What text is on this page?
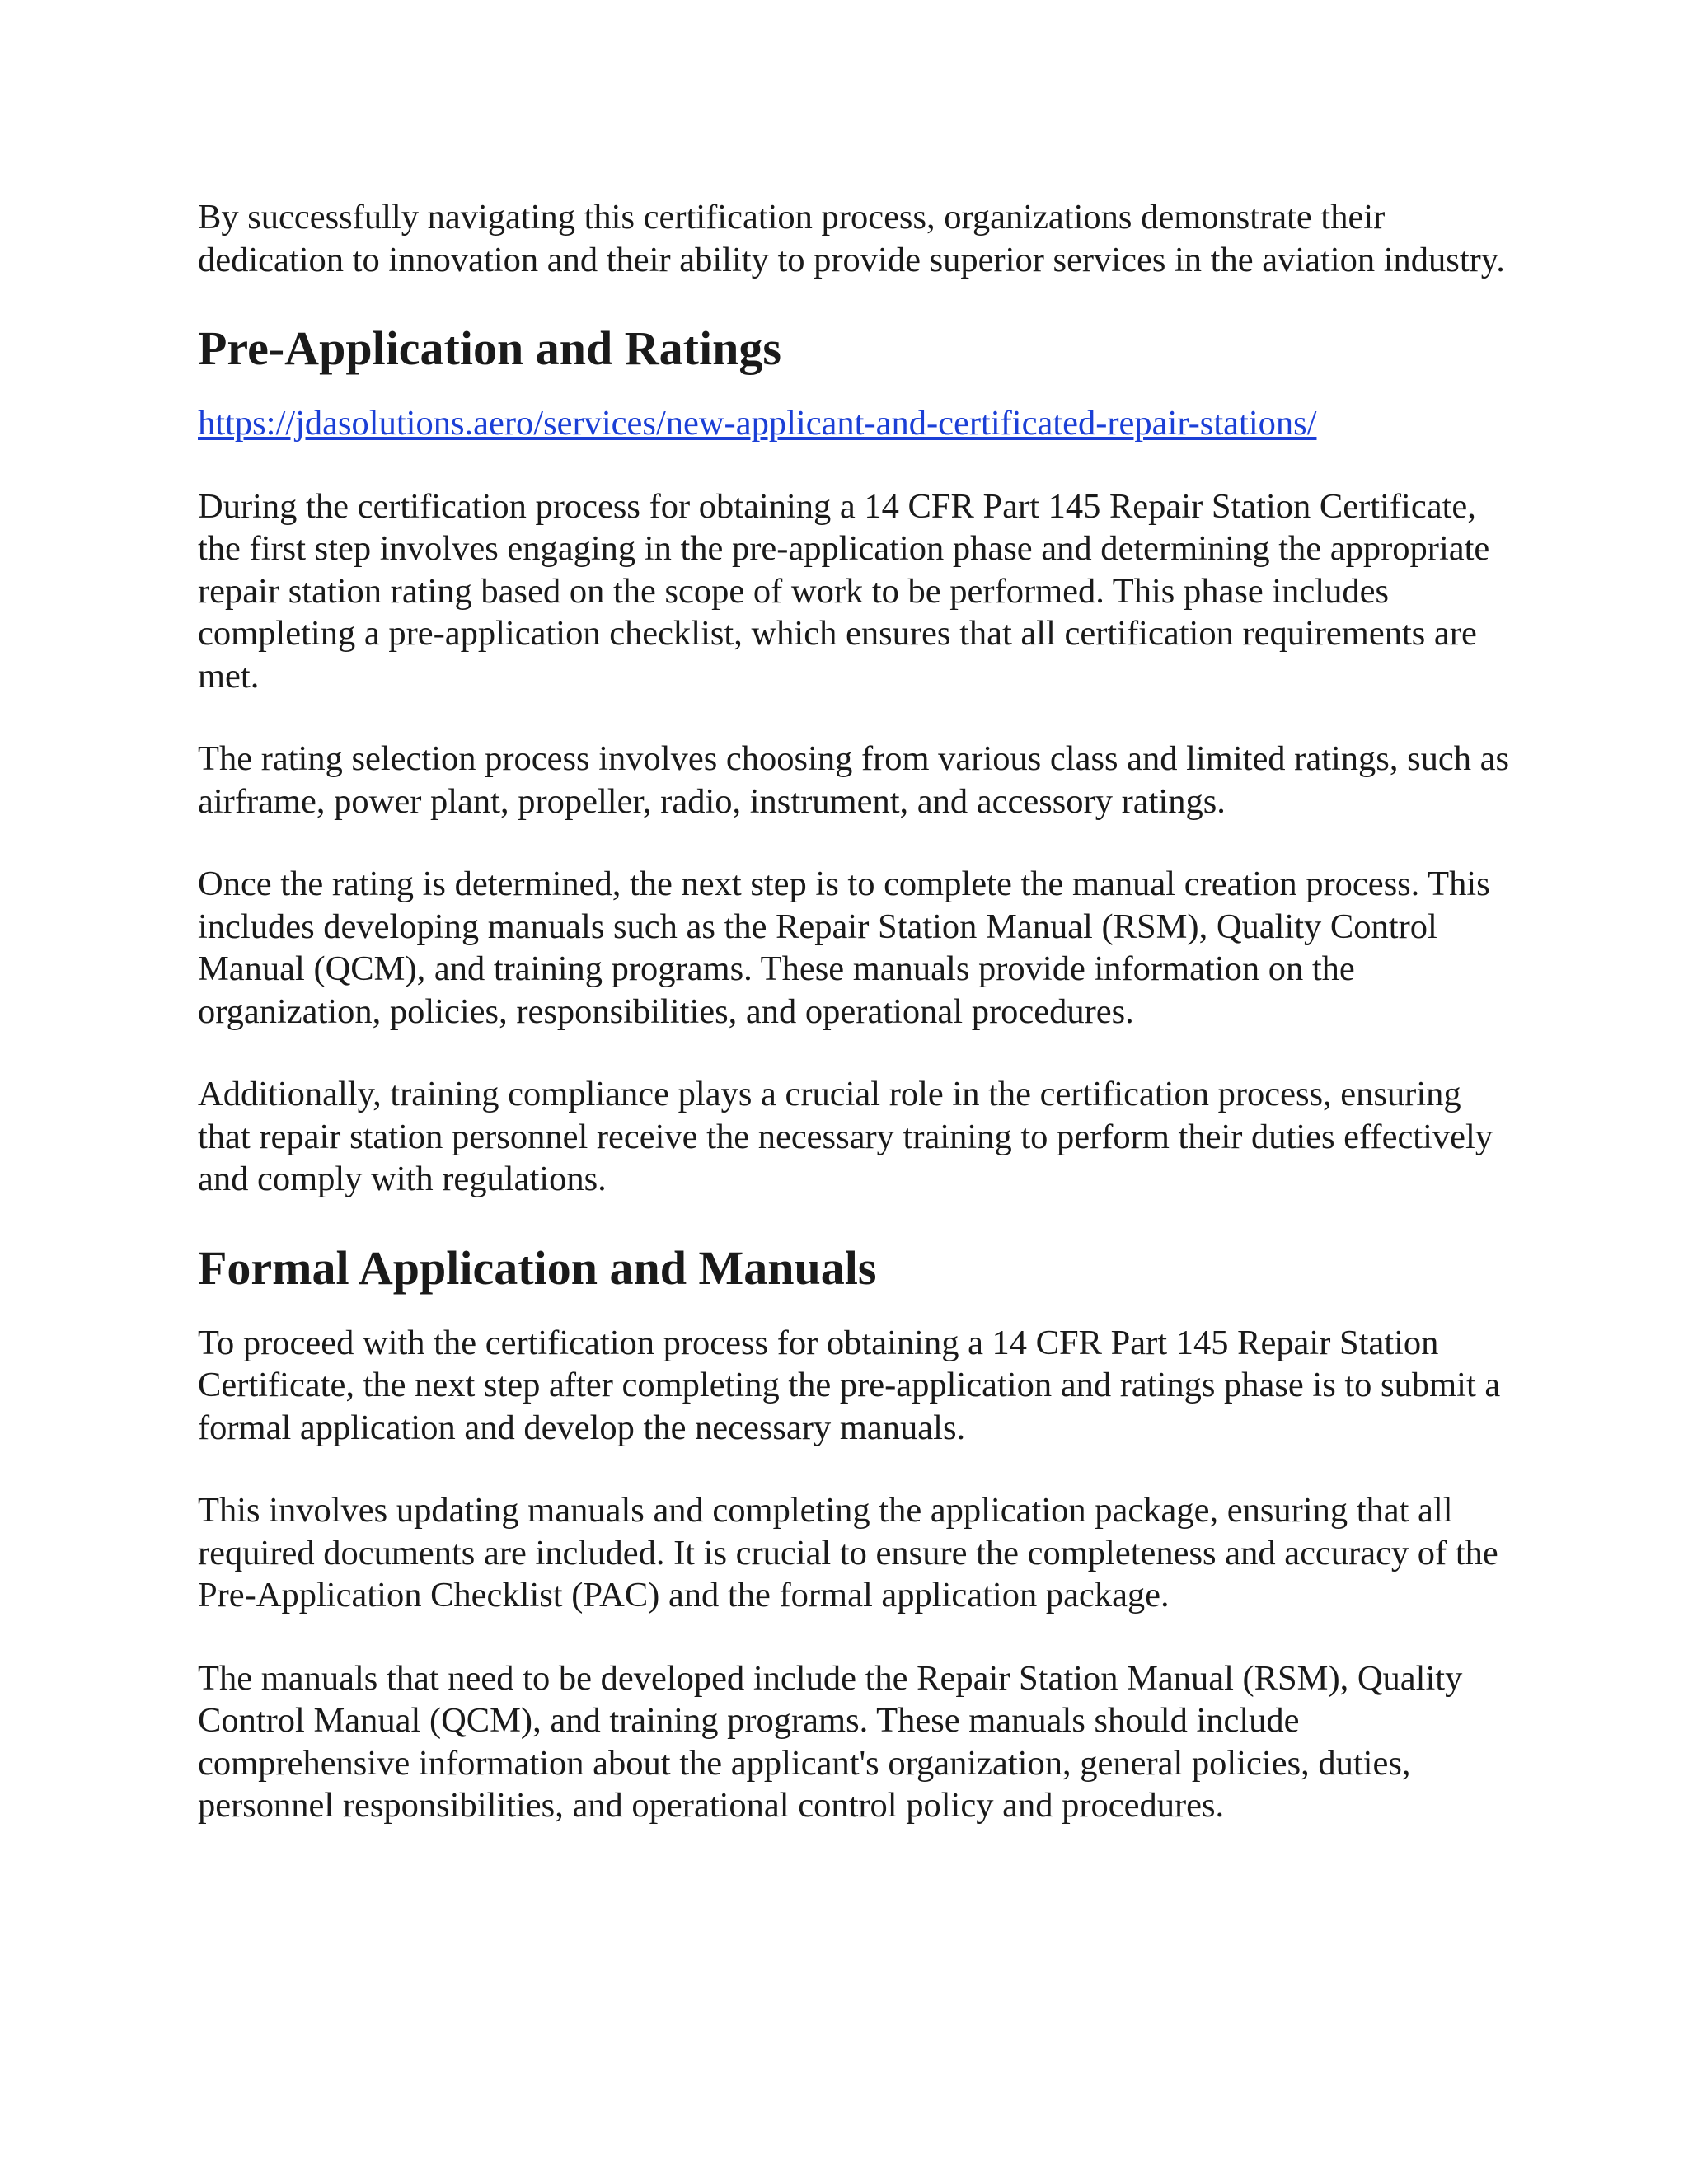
By successfully navigating this certification process, organizations demonstrate their dedication to innovation and their ability to provide superior services in the aviation industry.

Pre-Application and Ratings

https://jdasolutions.aero/services/new-applicant-and-certificated-repair-stations/

During the certification process for obtaining a 14 CFR Part 145 Repair Station Certificate, the first step involves engaging in the pre-application phase and determining the appropriate repair station rating based on the scope of work to be performed. This phase includes completing a pre-application checklist, which ensures that all certification requirements are met.

The rating selection process involves choosing from various class and limited ratings, such as airframe, power plant, propeller, radio, instrument, and accessory ratings.

Once the rating is determined, the next step is to complete the manual creation process. This includes developing manuals such as the Repair Station Manual (RSM), Quality Control Manual (QCM), and training programs. These manuals provide information on the organization, policies, responsibilities, and operational procedures.

Additionally, training compliance plays a crucial role in the certification process, ensuring that repair station personnel receive the necessary training to perform their duties effectively and comply with regulations.

Formal Application and Manuals

To proceed with the certification process for obtaining a 14 CFR Part 145 Repair Station Certificate, the next step after completing the pre-application and ratings phase is to submit a formal application and develop the necessary manuals.

This involves updating manuals and completing the application package, ensuring that all required documents are included. It is crucial to ensure the completeness and accuracy of the Pre-Application Checklist (PAC) and the formal application package.

The manuals that need to be developed include the Repair Station Manual (RSM), Quality Control Manual (QCM), and training programs. These manuals should include comprehensive information about the applicant's organization, general policies, duties, personnel responsibilities, and operational control policy and procedures.
